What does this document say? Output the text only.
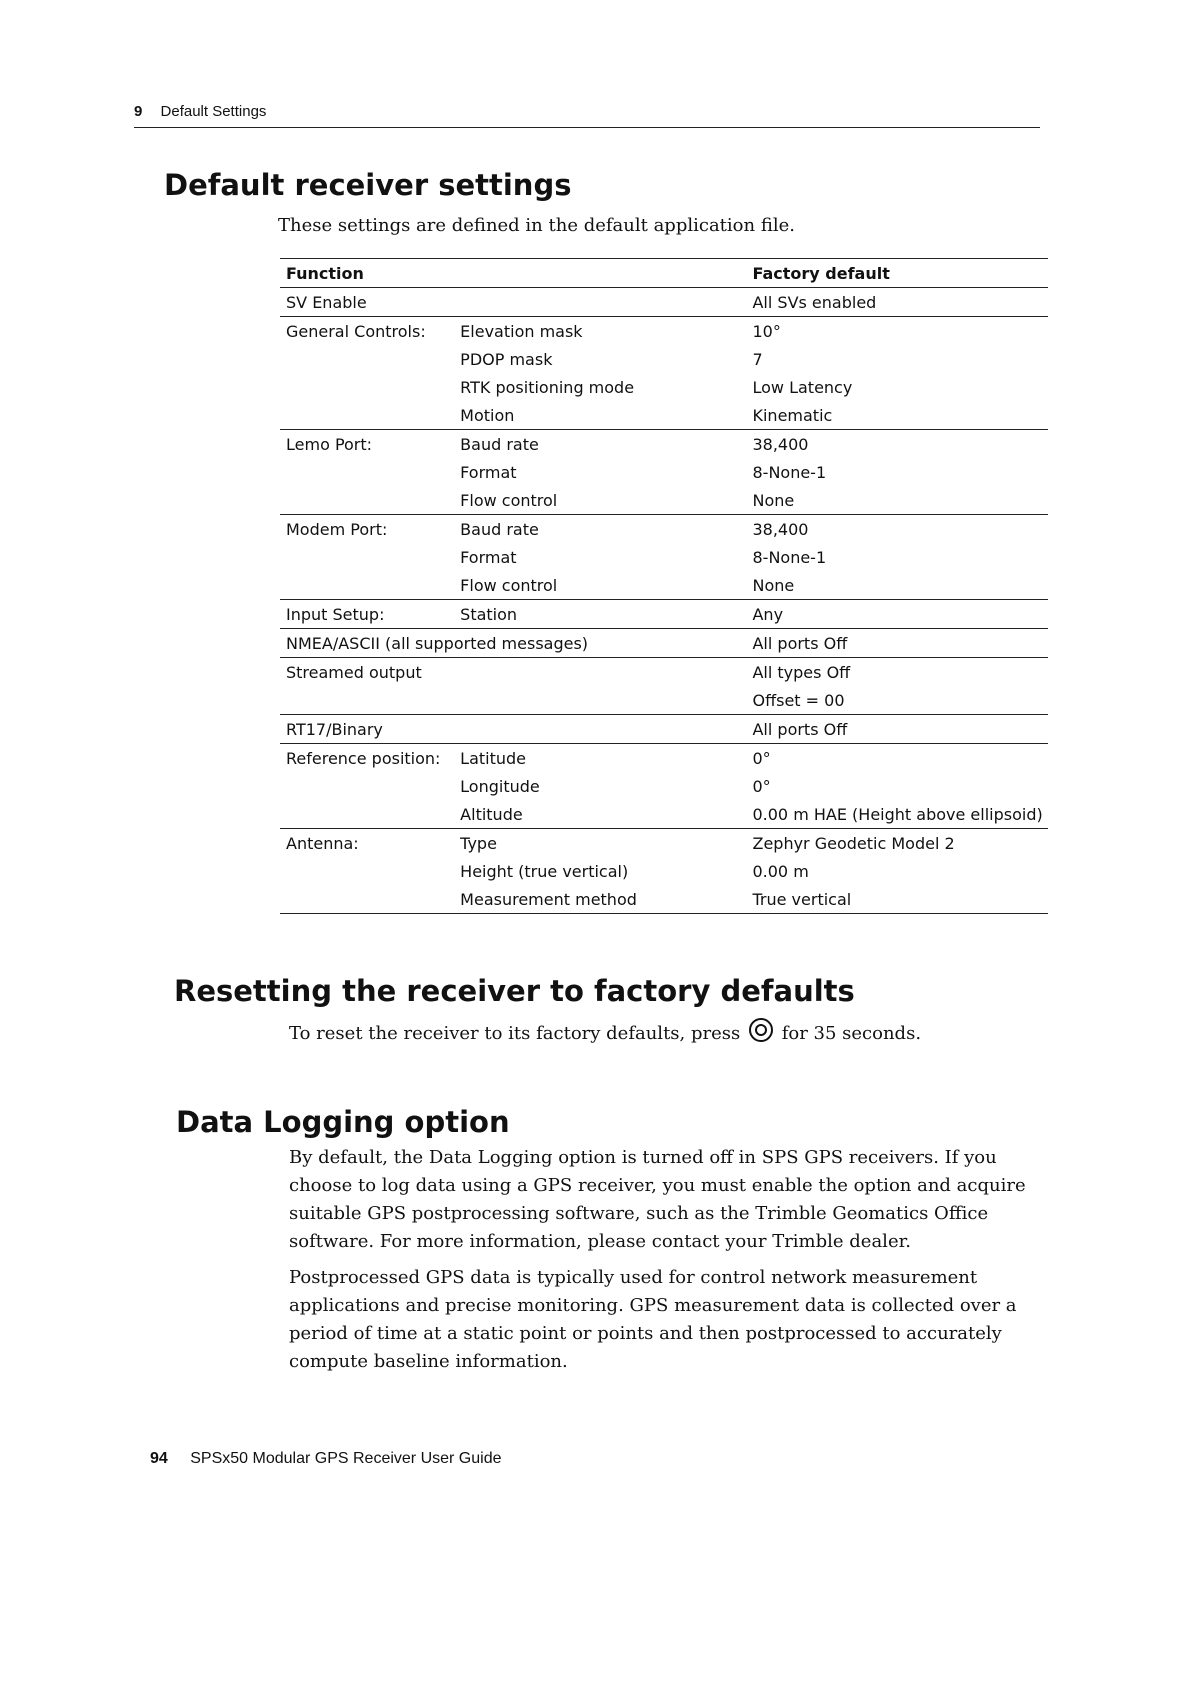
9 Default Settings
Default receiver settings
These settings are defined in the default application file.
Function		Factory default
SV Enable		All SVs enabled
General Controls:	Elevation mask	10°
	PDOP mask	7
	RTK positioning mode	Low Latency
	Motion	Kinematic
Lemo Port:	Baud rate	38,400
	Format	8-None-1
	Flow control	None
Modem Port:	Baud rate	38,400
	Format	8-None-1
	Flow control	None
Input Setup:	Station	Any
NMEA/ASCII (all supported messages)		All ports Off
Streamed output		All types Off
		Offset = 00
RT17/Binary		All ports Off
Reference position:	Latitude	0°
	Longitude	0°
	Altitude	0.00 m HAE (Height above ellipsoid)
Antenna:	Type	Zephyr Geodetic Model 2
	Height (true vertical)	0.00 m
	Measurement method	True vertical
Resetting the receiver to factory defaults
To reset the receiver to its factory defaults, press for 35 seconds.
Data Logging option

By default, the Data Logging option is turned off in SPS GPS receivers. If you choose to log data using a GPS receiver, you must enable the option and acquire suitable GPS postprocessing software, such as the Trimble Geomatics Office software. For more information, please contact your Trimble dealer.

Postprocessed GPS data is typically used for control network measurement applications and precise monitoring. GPS measurement data is collected over a period of time at a static point or points and then postprocessed to accurately compute baseline information.

94 SPSx50 Modular GPS Receiver User Guide
